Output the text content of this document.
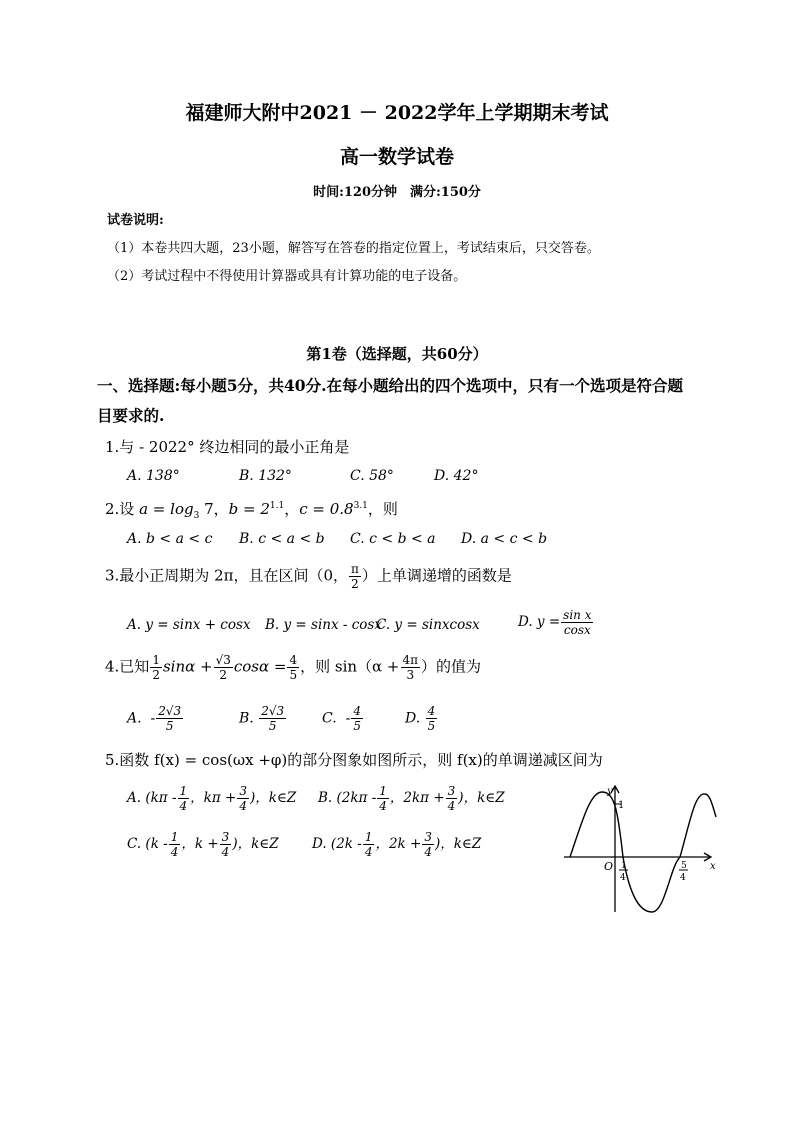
福建师大附中2021 － 2022学年上学期期末考试
高一数学试卷
时间:120分钟　满分:150分
试卷说明:
（1）本卷共四大题，23小题，解答写在答卷的指定位置上，考试结束后，只交答卷。
（2）考试过程中不得使用计算器或具有计算功能的电子设备。
第1卷（选择题，共60分）
一、选择题:每小题5分，共40分.在每小题给出的四个选项中，只有一个选项是符合题
目要求的.
1.与 - 2022° 终边相同的最小正角是
A. 138°	B. 132°	C. 58°	D. 42°
2.设 $a = \log_3 7$，$b = 2^{1.1}$，$c = 0.8^{3.1}$，则
A. b < a < c B. c < a < b C. c < b < a D. a < c < b
3.最小正周期为 2π，且在区间（0， $\frac{\pi}{2}$ ）上单调递增的函数是
A. y = sinx + cosx B. y = sinx - cosx
C. y = sinxcosx	D. $y = \frac{\text{sin x}}{\cos x}$
4.已知 $\frac{1}{2}$ $\sin\alpha + \frac{√3}{2}$ $\cos\alpha = \frac{4}{5}$ ，则 $\sin(\alpha + \frac{4\pi}{3}$ ）的值为
A. - $\frac{2√3}{5}$	B. $\frac{2√3}{5}$	C. - $\frac{4}{5}$	D. $\frac{4}{5}$
5.函数 f(x) = cos(ωx +φ)的部分图象如图所示，则 f(x)的单调递减区间为
A. ($k\pi - \frac{1}{4}$ ，$k\pi + \frac{3}{4}$ )，k∈Z B. ($2k\pi - \frac{1}{4}$ ，$2k\pi + \frac{3}{4}$ )，k∈Z
C. ($k - \frac{1}{4}$ ，$k + \frac{3}{4}$ )，k∈Z D. ($2k - \frac{1}{4}$ ，$2k + \frac{3}{4}$ )，k∈Z
y
1
x
O 1
4
5
4
